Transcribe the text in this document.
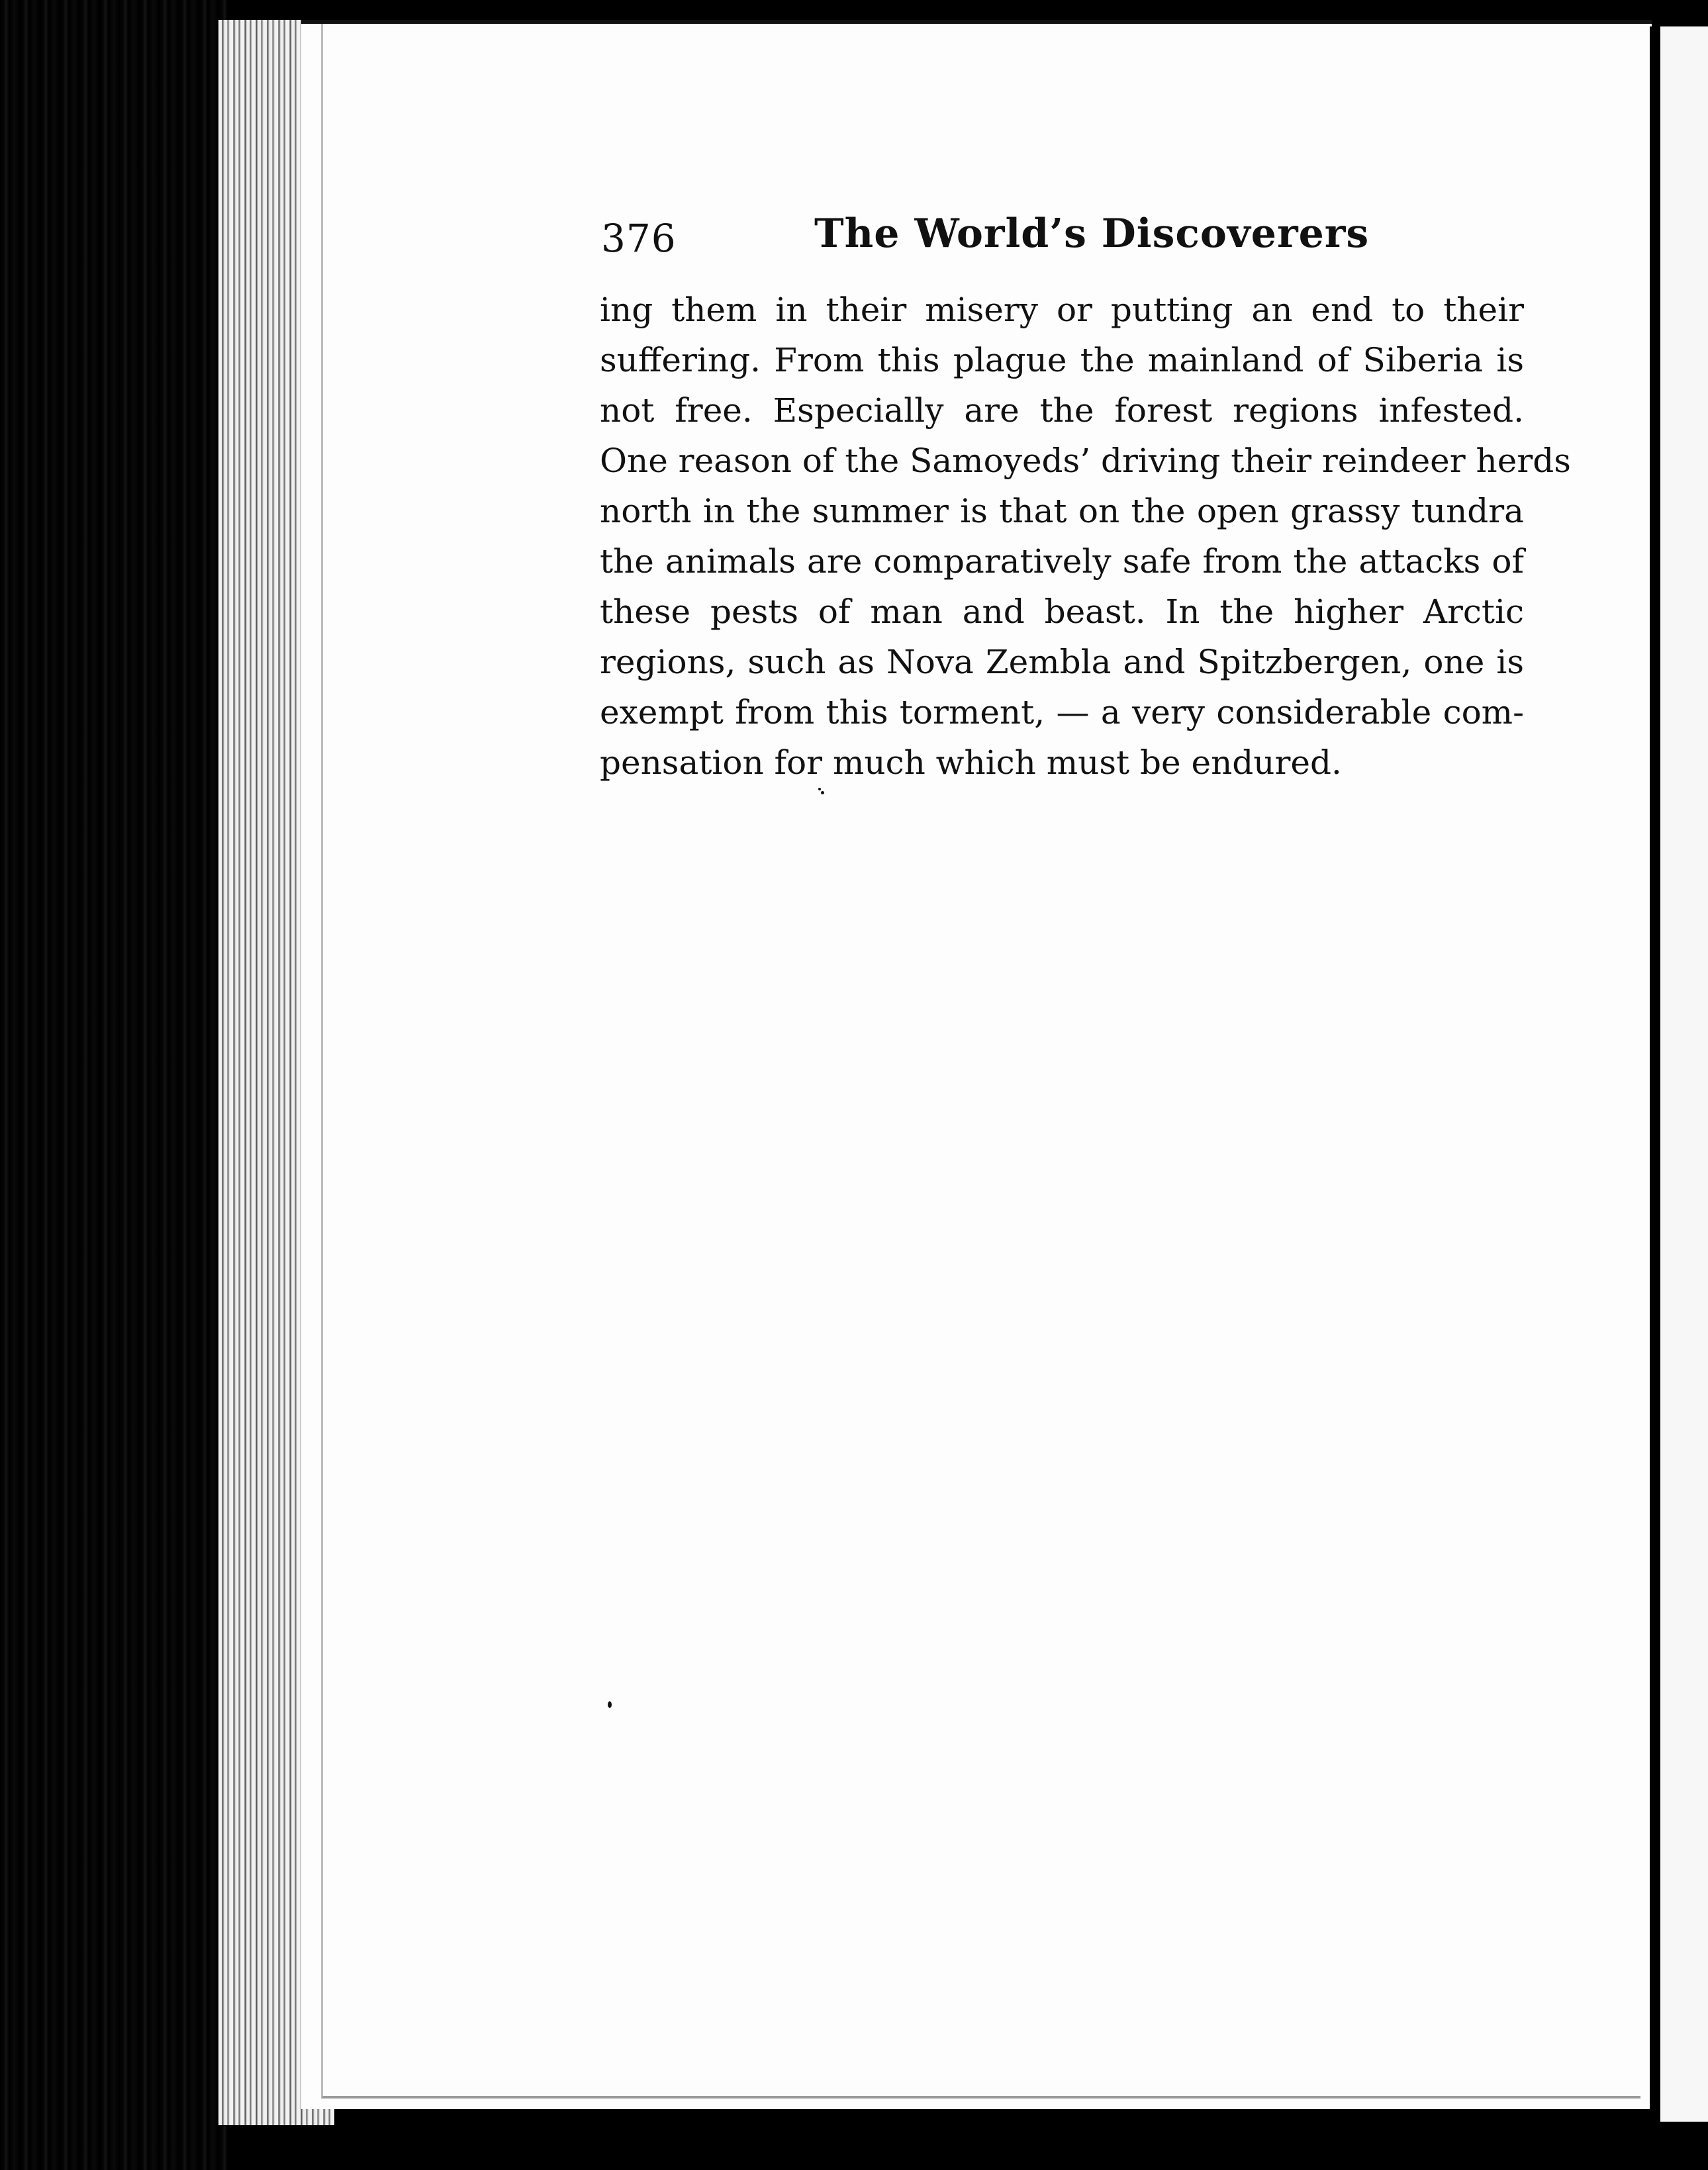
376	The World’s Discoverers
ing them in their misery or putting an end to their
suffering. From this plague the mainland of Siberia is
not free. Especially are the forest regions infested.
One reason of the Samoyeds’ driving their reindeer herds
north in the summer is that on the open grassy tundra
the animals are comparatively safe from the attacks of
these pests of man and beast. In the higher Arctic
regions, such as Nova Zembla and Spitzbergen, one is
exempt from this torment, — a very considerable com-
pensation for much which must be endured.
